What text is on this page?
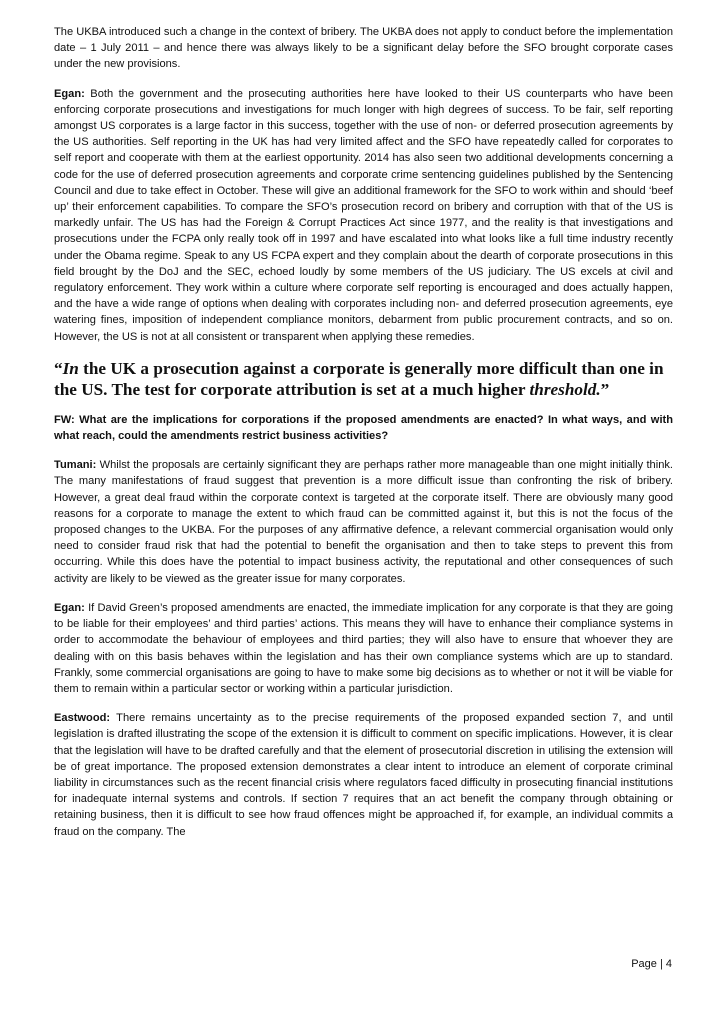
The UKBA introduced such a change in the context of bribery. The UKBA does not apply to conduct before the implementation date – 1 July 2011 – and hence there was always likely to be a significant delay before the SFO brought corporate cases under the new provisions.

Egan: Both the government and the prosecuting authorities here have looked to their US counterparts who have been enforcing corporate prosecutions and investigations for much longer with high degrees of success. To be fair, self reporting amongst US corporates is a large factor in this success, together with the use of non- or deferred prosecution agreements by the US authorities. Self reporting in the UK has had very limited affect and the SFO have repeatedly called for corporates to self report and cooperate with them at the earliest opportunity. 2014 has also seen two additional developments concerning a code for the use of deferred prosecution agreements and corporate crime sentencing guidelines published by the Sentencing Council and due to take effect in October. These will give an additional framework for the SFO to work within and should ‘beef up’ their enforcement capabilities. To compare the SFO’s prosecution record on bribery and corruption with that of the US is markedly unfair. The US has had the Foreign & Corrupt Practices Act since 1977, and the reality is that investigations and prosecutions under the FCPA only really took off in 1997 and have escalated into what looks like a full time industry recently under the Obama regime. Speak to any US FCPA expert and they complain about the dearth of corporate prosecutions in this field brought by the DoJ and the SEC, echoed loudly by some members of the US judiciary. The US excels at civil and regulatory enforcement. They work within a culture where corporate self reporting is encouraged and does actually happen, and the have a wide range of options when dealing with corporates including non- and deferred prosecution agreements, eye watering fines, imposition of independent compliance monitors, debarment from public procurement contracts, and so on. However, the US is not at all consistent or transparent when applying these remedies.

“In the UK a prosecution against a corporate is generally more difficult than one in the US. The test for corporate attribution is set at a much higher threshold.”

FW: What are the implications for corporations if the proposed amendments are enacted? In what ways, and with what reach, could the amendments restrict business activities?

Tumani: Whilst the proposals are certainly significant they are perhaps rather more manageable than one might initially think. The many manifestations of fraud suggest that prevention is a more difficult issue than confronting the risk of bribery. However, a great deal fraud within the corporate context is targeted at the corporate itself. There are obviously many good reasons for a corporate to manage the extent to which fraud can be committed against it, but this is not the focus of the proposed changes to the UKBA. For the purposes of any affirmative defence, a relevant commercial organisation would only need to consider fraud risk that had the potential to benefit the organisation and then to take steps to prevent this from occurring. While this does have the potential to impact business activity, the reputational and other consequences of such activity are likely to be viewed as the greater issue for many corporates.

Egan: If David Green’s proposed amendments are enacted, the immediate implication for any corporate is that they are going to be liable for their employees’ and third parties’ actions. This means they will have to enhance their compliance systems in order to accommodate the behaviour of employees and third parties; they will also have to ensure that whoever they are dealing with on this basis behaves within the legislation and has their own compliance systems which are up to standard. Frankly, some commercial organisations are going to have to make some big decisions as to whether or not it will be viable for them to remain within a particular sector or working within a particular jurisdiction.

Eastwood: There remains uncertainty as to the precise requirements of the proposed expanded section 7, and until legislation is drafted illustrating the scope of the extension it is difficult to comment on specific implications. However, it is clear that the legislation will have to be drafted carefully and that the element of prosecutorial discretion in utilising the extension will be of great importance. The proposed extension demonstrates a clear intent to introduce an element of corporate criminal liability in circumstances such as the recent financial crisis where regulators faced difficulty in prosecuting financial institutions for inadequate internal systems and controls. If section 7 requires that an act benefit the company through obtaining or retaining business, then it is difficult to see how fraud offences might be approached if, for example, an individual commits a fraud on the company. The

Page | 4
